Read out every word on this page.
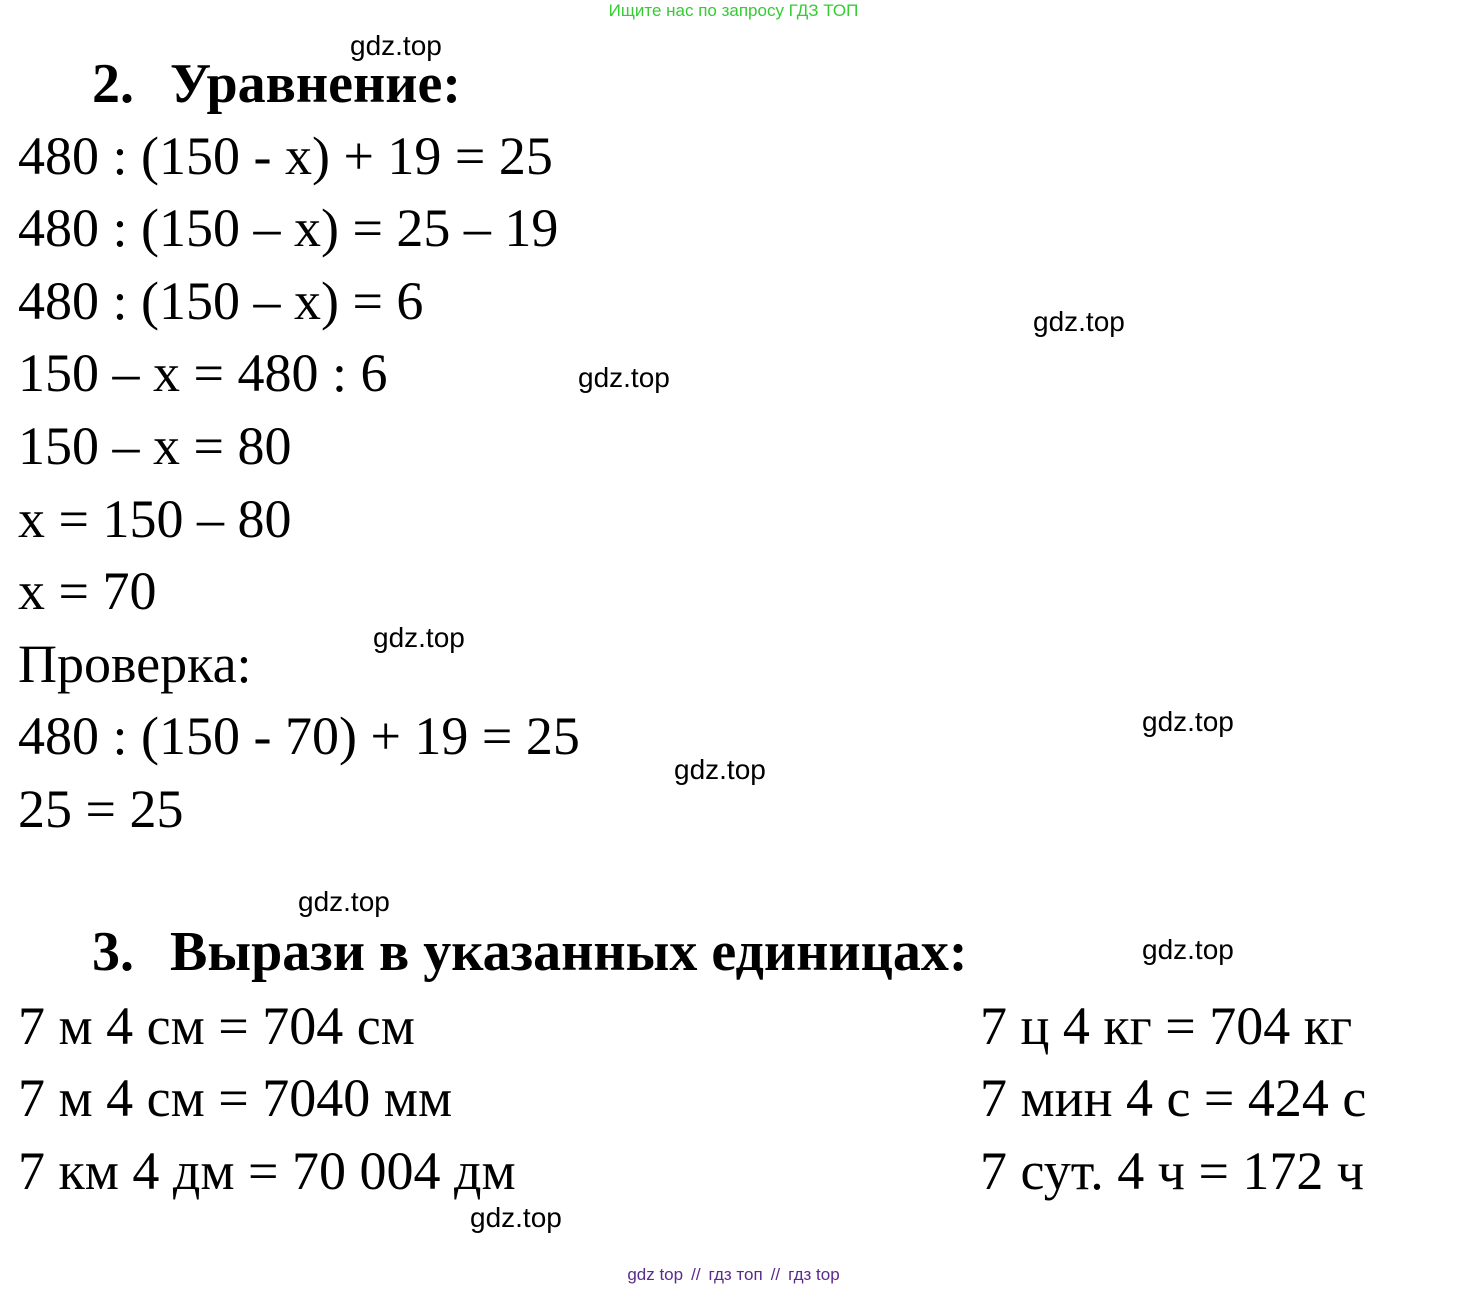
Ищите нас по запросу ГДЗ ТОП
2. Уравнение:
480 : (150 - x) + 19 = 25
480 : (150 – x) = 25 – 19
480 : (150 – x) = 6
150 – x = 480 : 6
150 – x = 80
x = 150 – 80
x = 70
Проверка:
480 : (150 - 70) + 19 = 25
25 = 25
3. Вырази в указанных единицах:
7 м 4 см = 704 см
7 м 4 см = 7040 мм
7 км 4 дм = 70 004 дм
7 ц 4 кг = 704 кг
7 мин 4 с = 424 с
7 сут. 4 ч = 172 ч
gdz.top
gdz.top
gdz.top
gdz.top
gdz.top
gdz.top
gdz.top
gdz.top
gdz.top
gdz top // гдз топ // гдз top
